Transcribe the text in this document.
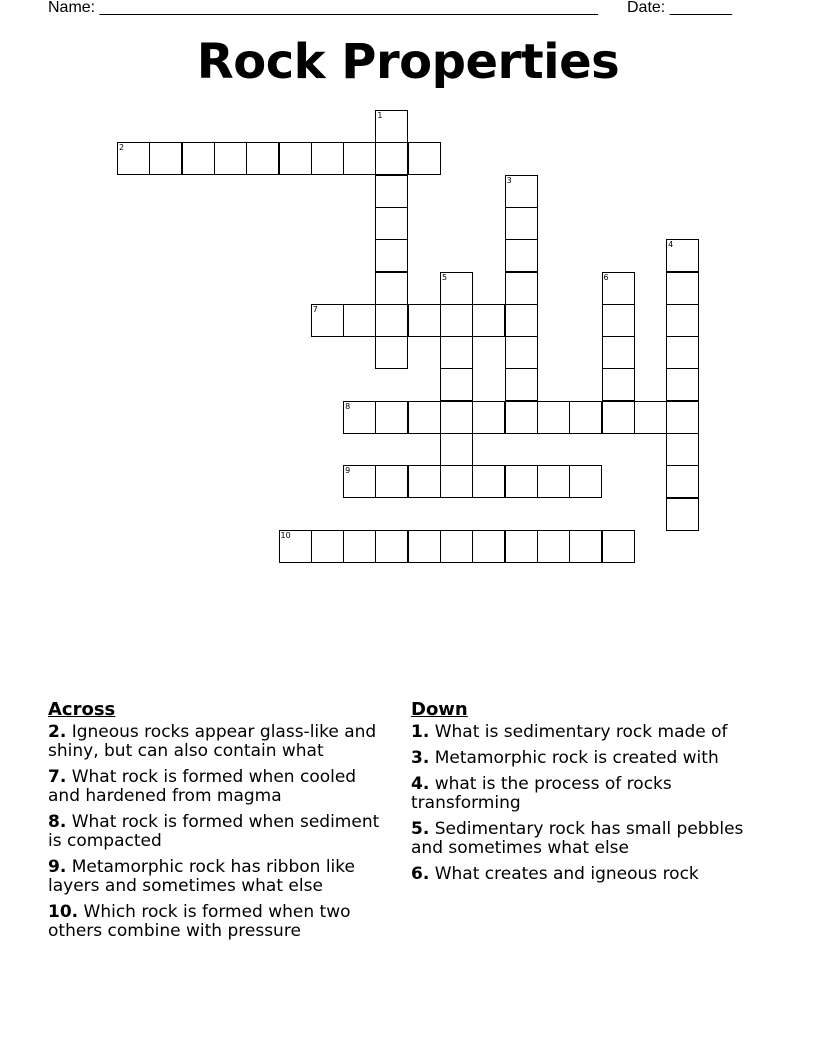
Name: ________________________________________________________ Date: _______
Rock Properties
1
2
3
4
5	6
7
8
9
10
Across
2. Igneous rocks appear glass-like and shiny, but can also contain what
7. What rock is formed when cooled and hardened from magma
8. What rock is formed when sediment is compacted
9. Metamorphic rock has ribbon like layers and sometimes what else
10. Which rock is formed when two others combine with pressure
Down
1. What is sedimentary rock made of
3. Metamorphic rock is created with
4. what is the process of rocks transforming
5. Sedimentary rock has small pebbles and sometimes what else
6. What creates and igneous rock
